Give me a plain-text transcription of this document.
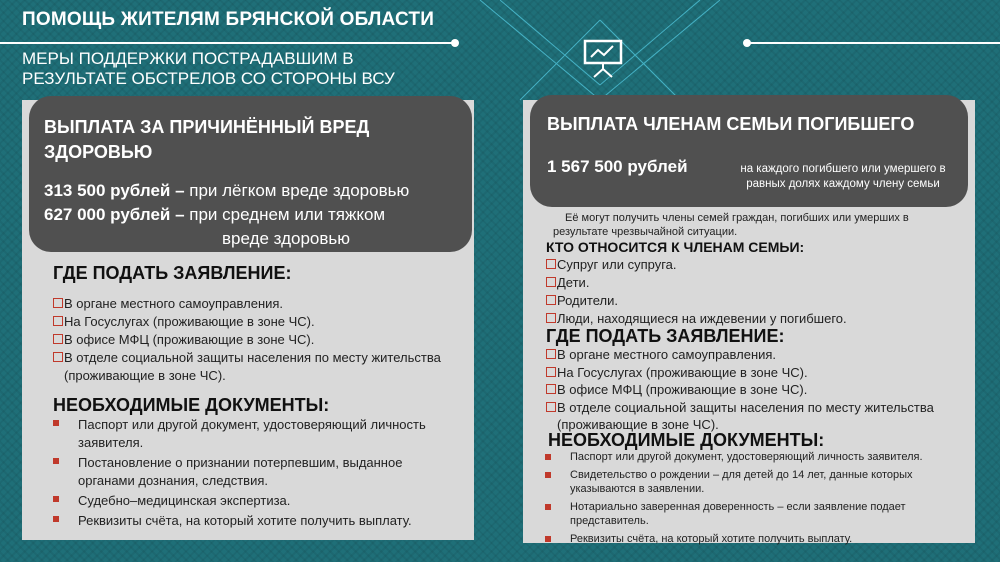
ПОМОЩЬ ЖИТЕЛЯМ БРЯНСКОЙ ОБЛАСТИ
МЕРЫ ПОДДЕРЖКИ ПОСТРАДАВШИМ В РЕЗУЛЬТАТЕ ОБСТРЕЛОВ СО СТОРОНЫ ВСУ
ВЫПЛАТА ЗА ПРИЧИНЁННЫЙ ВРЕД ЗДОРОВЬЮ
313 500 рублей – при лёгком вреде здоровью
627 000 рублей – при среднем или тяжком
вреде здоровью
ГДЕ ПОДАТЬ ЗАЯВЛЕНИЕ:
В органе местного самоуправления.
На Госуслугах (проживающие в зоне ЧС).
В офисе МФЦ (проживающие в зоне ЧС).
В отделе социальной защиты населения по месту жительства (проживающие в зоне ЧС).
НЕОБХОДИМЫЕ ДОКУМЕНТЫ:
Паспорт или другой документ, удостоверяющий личность заявителя.
Постановление о признании потерпевшим, выданное органами дознания, следствия.
Судебно–медицинская экспертиза.
Реквизиты счёта, на который хотите получить выплату.
ВЫПЛАТА ЧЛЕНАМ СЕМЬИ ПОГИБШЕГО
1 567 500 рублей	на каждого погибшего или умершего в равных долях каждому члену семьи
Её могут получить члены семей граждан, погибших или умерших в результате чрезвычайной ситуации.
КТО ОТНОСИТСЯ К ЧЛЕНАМ СЕМЬИ:
Супруг или супруга.
Дети.
Родители.
Люди, находящиеся на иждевении у погибшего.
ГДЕ ПОДАТЬ ЗАЯВЛЕНИЕ:
В органе местного самоуправления.
На Госуслугах (проживающие в зоне ЧС).
В офисе МФЦ (проживающие в зоне ЧС).
В отделе социальной защиты населения по месту жительства (проживающие в зоне ЧС).
НЕОБХОДИМЫЕ ДОКУМЕНТЫ:
Паспорт или другой документ, удостоверяющий личность заявителя.
Свидетельство о рождении – для детей до 14 лет, данные которых указываются в заявлении.
Нотариально заверенная доверенность – если заявление подает представитель.
Реквизиты счёта, на который хотите получить выплату.
